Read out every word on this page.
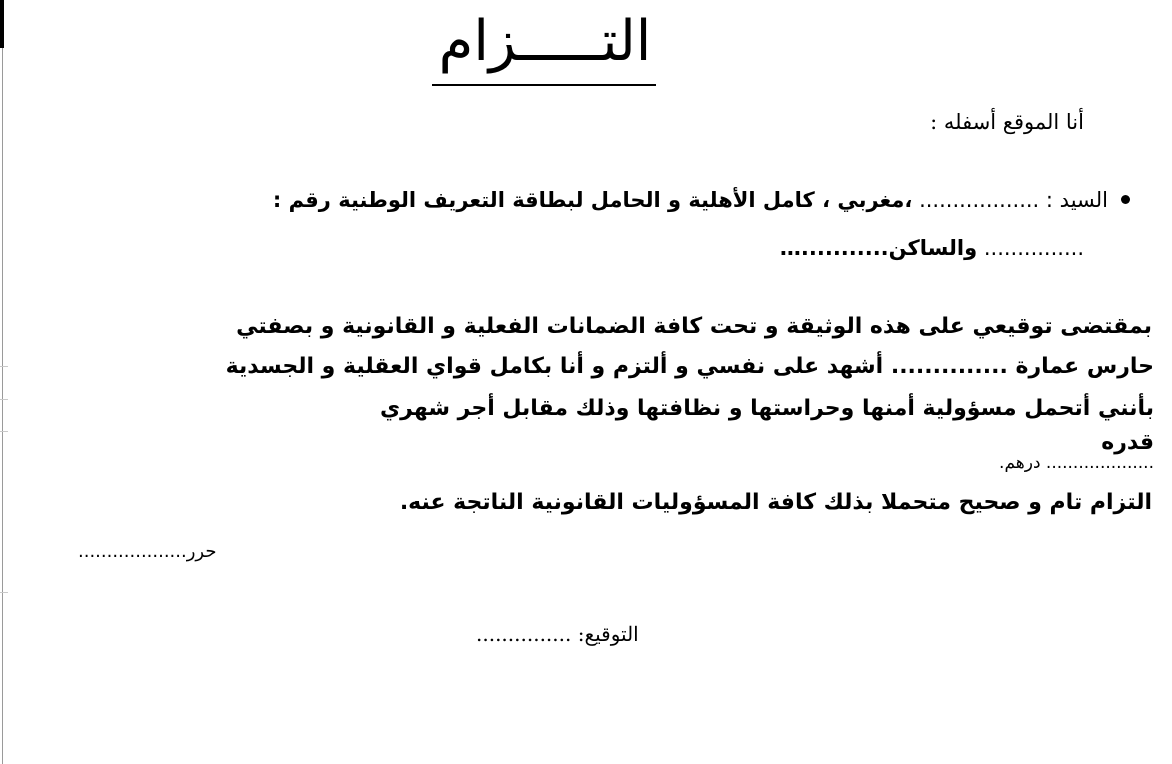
التـــــزام
أنا الموقع أسفله :
السيد : .................. ،مغربي ، كامل الأهلية و الحامل لبطاقة التعريف الوطنية رقم :
............... والساكن...........…
بمقتضى توقيعي على هذه الوثيقة و تحت كافة الضمانات الفعلية و القانونية و بصفتي
حارس عمارة .............. أشهد على نفسي و ألتزم و أنا بكامل قواي العقلية و الجسدية
بأنني أتحمل مسؤولية أمنها وحراستها و نظافتها وذلك مقابل أجر شهري
قدره
.................... درهم.
التزام تام و صحيح متحملا بذلك كافة المسؤوليات القانونية الناتجة عنه.
حرر...................
التوقيع: ...............
